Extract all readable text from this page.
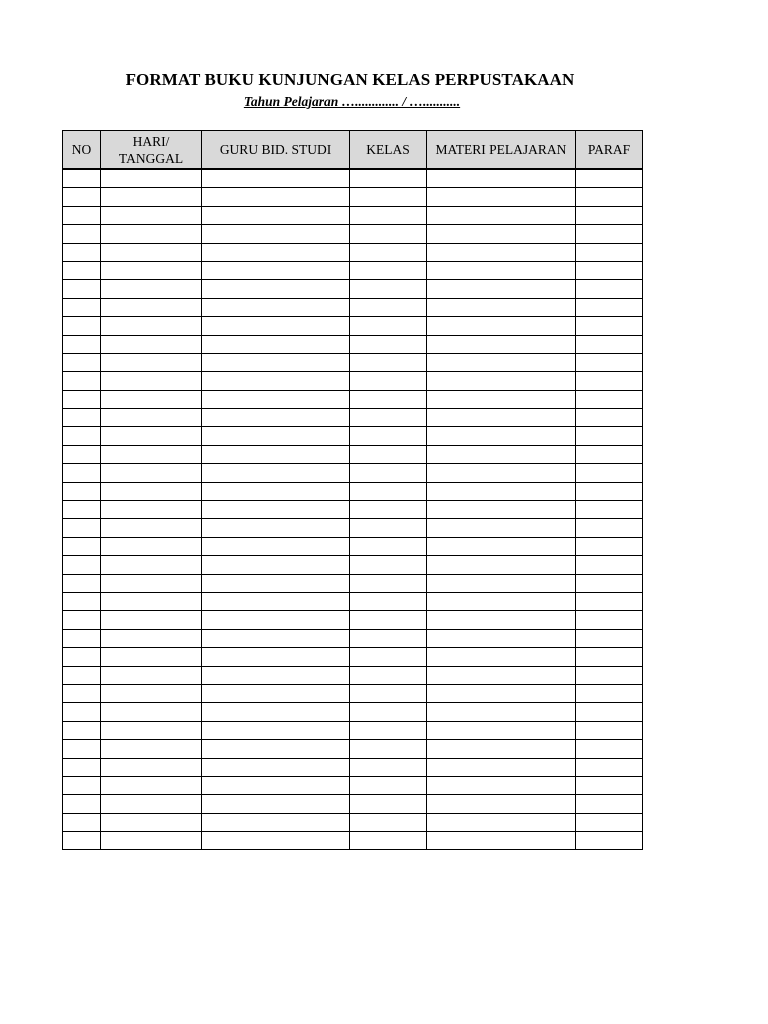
FORMAT BUKU KUNJUNGAN KELAS PERPUSTAKAAN
Tahun Pelajaran …............. / …...........
NO	HARI/ TANGGAL	GURU BID. STUDI	KELAS	MATERI PELAJARAN	PARAF
